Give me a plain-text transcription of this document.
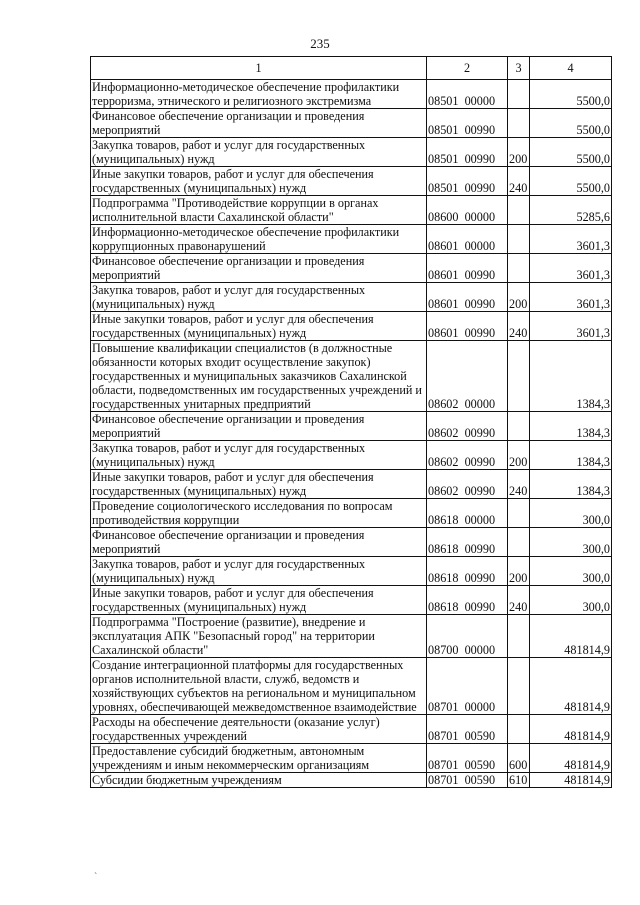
235
1	2	3	4
Информационно-методическое обеспечение профилактики терроризма, этнического и религиозного экстремизма	08501  00000		5500,0
Финансовое обеспечение организации и проведения мероприятий	08501  00990		5500,0
Закупка товаров, работ и услуг для государственных (муниципальных) нужд	08501  00990	200	5500,0
Иные закупки товаров, работ и услуг для обеспечения государственных (муниципальных) нужд	08501  00990	240	5500,0
Подпрограмма "Противодействие коррупции в органах исполнительной власти Сахалинской области"	08600  00000		5285,6
Информационно-методическое обеспечение профилактики коррупционных правонарушений	08601  00000		3601,3
Финансовое обеспечение организации и проведения мероприятий	08601  00990		3601,3
Закупка товаров, работ и услуг для государственных (муниципальных) нужд	08601  00990	200	3601,3
Иные закупки товаров, работ и услуг для обеспечения государственных (муниципальных) нужд	08601  00990	240	3601,3
Повышение квалификации специалистов (в должностные обязанности которых входит осуществление закупок) государственных и муниципальных заказчиков Сахалинской области, подведомственных им государственных учреждений и государственных унитарных предприятий	08602  00000		1384,3
Финансовое обеспечение организации и проведения мероприятий	08602  00990		1384,3
Закупка товаров, работ и услуг для государственных (муниципальных) нужд	08602  00990	200	1384,3
Иные закупки товаров, работ и услуг для обеспечения государственных (муниципальных) нужд	08602  00990	240	1384,3
Проведение социологического исследования по вопросам противодействия коррупции	08618  00000		300,0
Финансовое обеспечение организации и проведения мероприятий	08618  00990		300,0
Закупка товаров, работ и услуг для государственных (муниципальных) нужд	08618  00990	200	300,0
Иные закупки товаров, работ и услуг для обеспечения государственных (муниципальных) нужд	08618  00990	240	300,0
Подпрограмма "Построение (развитие), внедрение и эксплуатация АПК "Безопасный город" на территории Сахалинской области"	08700  00000		481814,9
Создание интеграционной платформы для государственных органов исполнительной власти, служб, ведомств и хозяйствующих субъектов на региональном и муниципальном уровнях, обеспечивающей межведомственное взаимодействие	08701  00000		481814,9
Расходы на обеспечение деятельности (оказание услуг) государственных учреждений	08701  00590		481814,9
Предоставление субсидий бюджетным, автономным учреждениям и иным некоммерческим организациям	08701  00590	600	481814,9
Субсидии бюджетным учреждениям	08701  00590	610	481814,9
`
